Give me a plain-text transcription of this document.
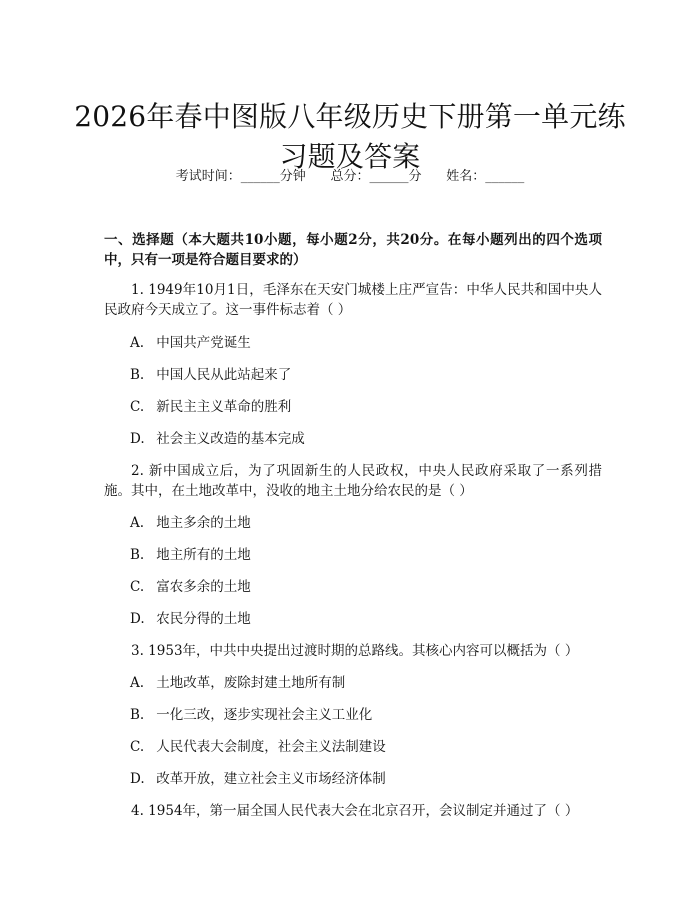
2026年春中图版八年级历史下册第一单元练习题及答案
考试时间：______分钟      总分：______分      姓名：______
一、选择题（本大题共10小题，每小题2分，共20分。在每小题列出的四个选项中，只有一项是符合题目要求的）
1. 1949年10月1日，毛泽东在天安门城楼上庄严宣告：中华人民共和国中央人民政府今天成立了。这一事件标志着（ ）
A. 中国共产党诞生
B. 中国人民从此站起来了
C. 新民主主义革命的胜利
D. 社会主义改造的基本完成
2. 新中国成立后，为了巩固新生的人民政权，中央人民政府采取了一系列措施。其中，在土地改革中，没收的地主土地分给农民的是（ ）
A. 地主多余的土地
B. 地主所有的土地
C. 富农多余的土地
D. 农民分得的土地
3. 1953年，中共中央提出过渡时期的总路线。其核心内容可以概括为（ ）
A. 土地改革，废除封建土地所有制
B. 一化三改，逐步实现社会主义工业化
C. 人民代表大会制度，社会主义法制建设
D. 改革开放，建立社会主义市场经济体制
4. 1954年，第一届全国人民代表大会在北京召开，会议制定并通过了（ ）
